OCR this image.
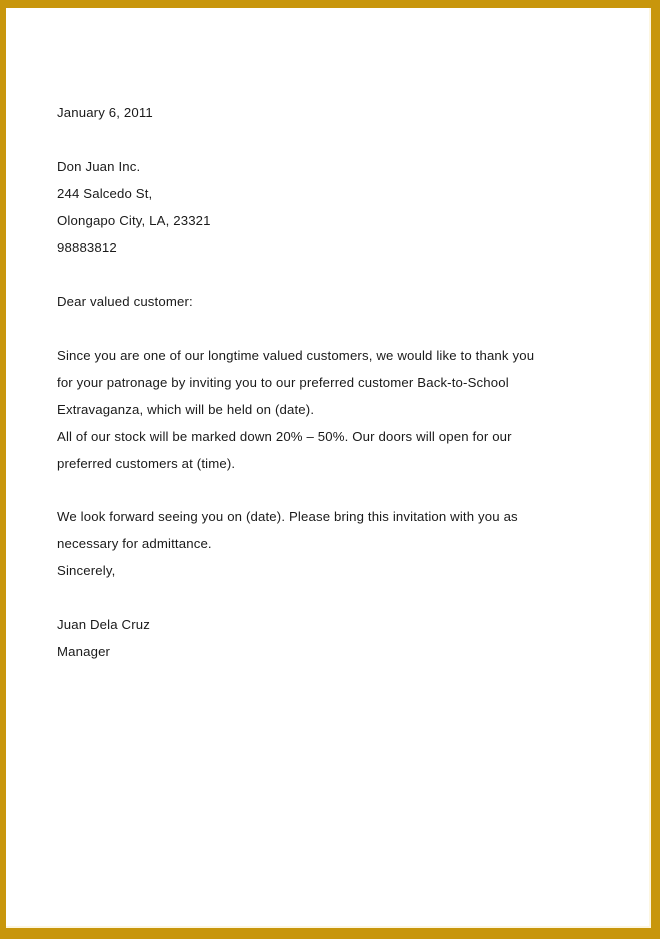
January 6, 2011
Don Juan Inc.
244 Salcedo St,
Olongapo City, LA, 23321
98883812
Dear valued customer:
Since you are one of our longtime valued customers, we would like to thank you
for your patronage by inviting you to our preferred customer Back-to-School
Extravaganza, which will be held on (date).
All of our stock will be marked down 20% – 50%. Our doors will open for our
preferred customers at (time).
We look forward seeing you on (date). Please bring this invitation with you as
necessary for admittance.
Sincerely,
Juan Dela Cruz
Manager
